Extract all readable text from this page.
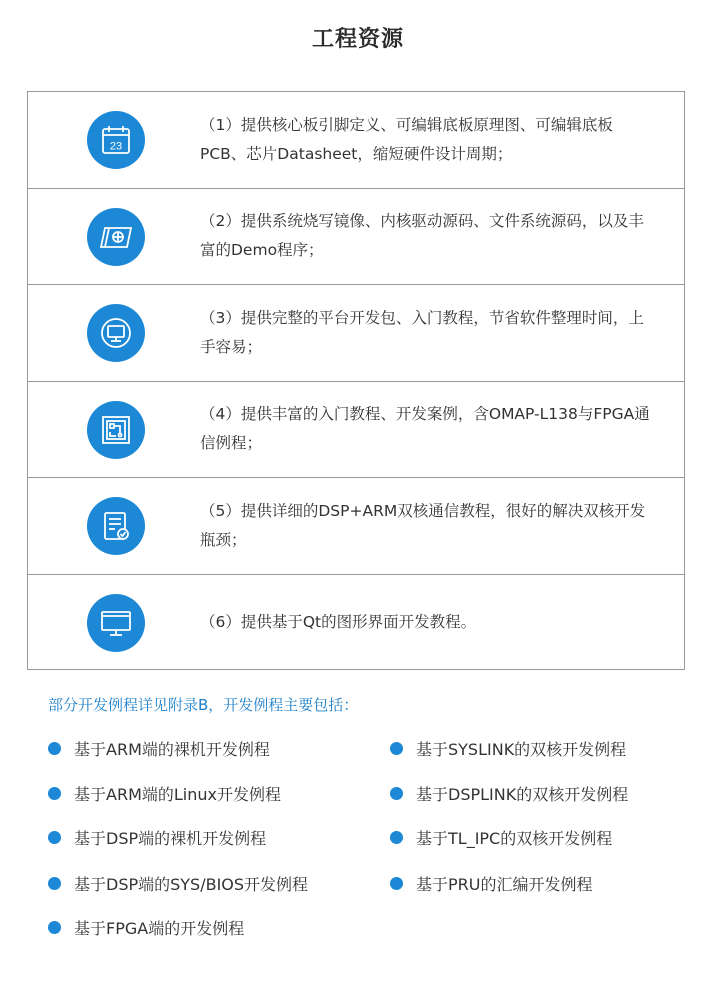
工程资源
23
（1）提供核心板引脚定义、可编辑底板原理图、可编辑底板PCB、芯片Datasheet，缩短硬件设计周期；
（2）提供系统烧写镜像、内核驱动源码、文件系统源码，以及丰富的Demo程序；
（3）提供完整的平台开发包、入门教程，节省软件整理时间，上手容易；
（4）提供丰富的入门教程、开发案例，含OMAP-L138与FPGA通信例程；
（5）提供详细的DSP+ARM双核通信教程，很好的解决双核开发瓶颈；
（6）提供基于Qt的图形界面开发教程。
部分开发例程详见附录B，开发例程主要包括：
基于ARM端的裸机开发例程
基于ARM端的Linux开发例程
基于DSP端的裸机开发例程
基于DSP端的SYS/BIOS开发例程
基于FPGA端的开发例程
基于SYSLINK的双核开发例程
基于DSPLINK的双核开发例程
基于TL_IPC的双核开发例程
基于PRU的汇编开发例程
